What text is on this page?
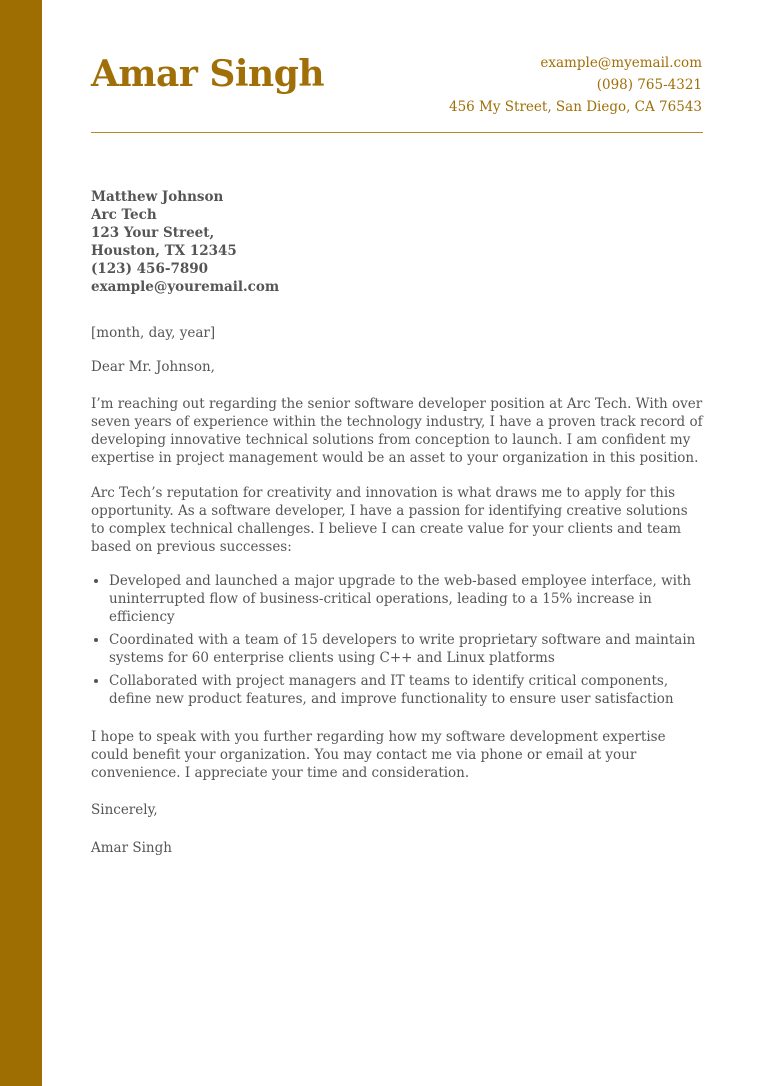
Amar Singh	example@myemail.com
(098) 765-4321
456 My Street, San Diego, CA 76543
Matthew Johnson
Arc Tech
123 Your Street,
Houston, TX 12345
(123) 456-7890
example@youremail.com

[month, day, year]

Dear Mr. Johnson,

I’m reaching out regarding the senior software developer position at Arc Tech. With over seven years of experience within the technology industry, I have a proven track record of developing innovative technical solutions from conception to launch. I am confident my expertise in project management would be an asset to your organization in this position.

Arc Tech’s reputation for creativity and innovation is what draws me to apply for this opportunity. As a software developer, I have a passion for identifying creative solutions to complex technical challenges. I believe I can create value for your clients and team based on previous successes:

• Developed and launched a major upgrade to the web-based employee interface, with uninterrupted flow of business-critical operations, leading to a 15% increase in efficiency
• Coordinated with a team of 15 developers to write proprietary software and maintain systems for 60 enterprise clients using C++ and Linux platforms
• Collaborated with project managers and IT teams to identify critical components, define new product features, and improve functionality to ensure user satisfaction

I hope to speak with you further regarding how my software development expertise could benefit your organization. You may contact me via phone or email at your convenience. I appreciate your time and consideration.

Sincerely,

Amar Singh
